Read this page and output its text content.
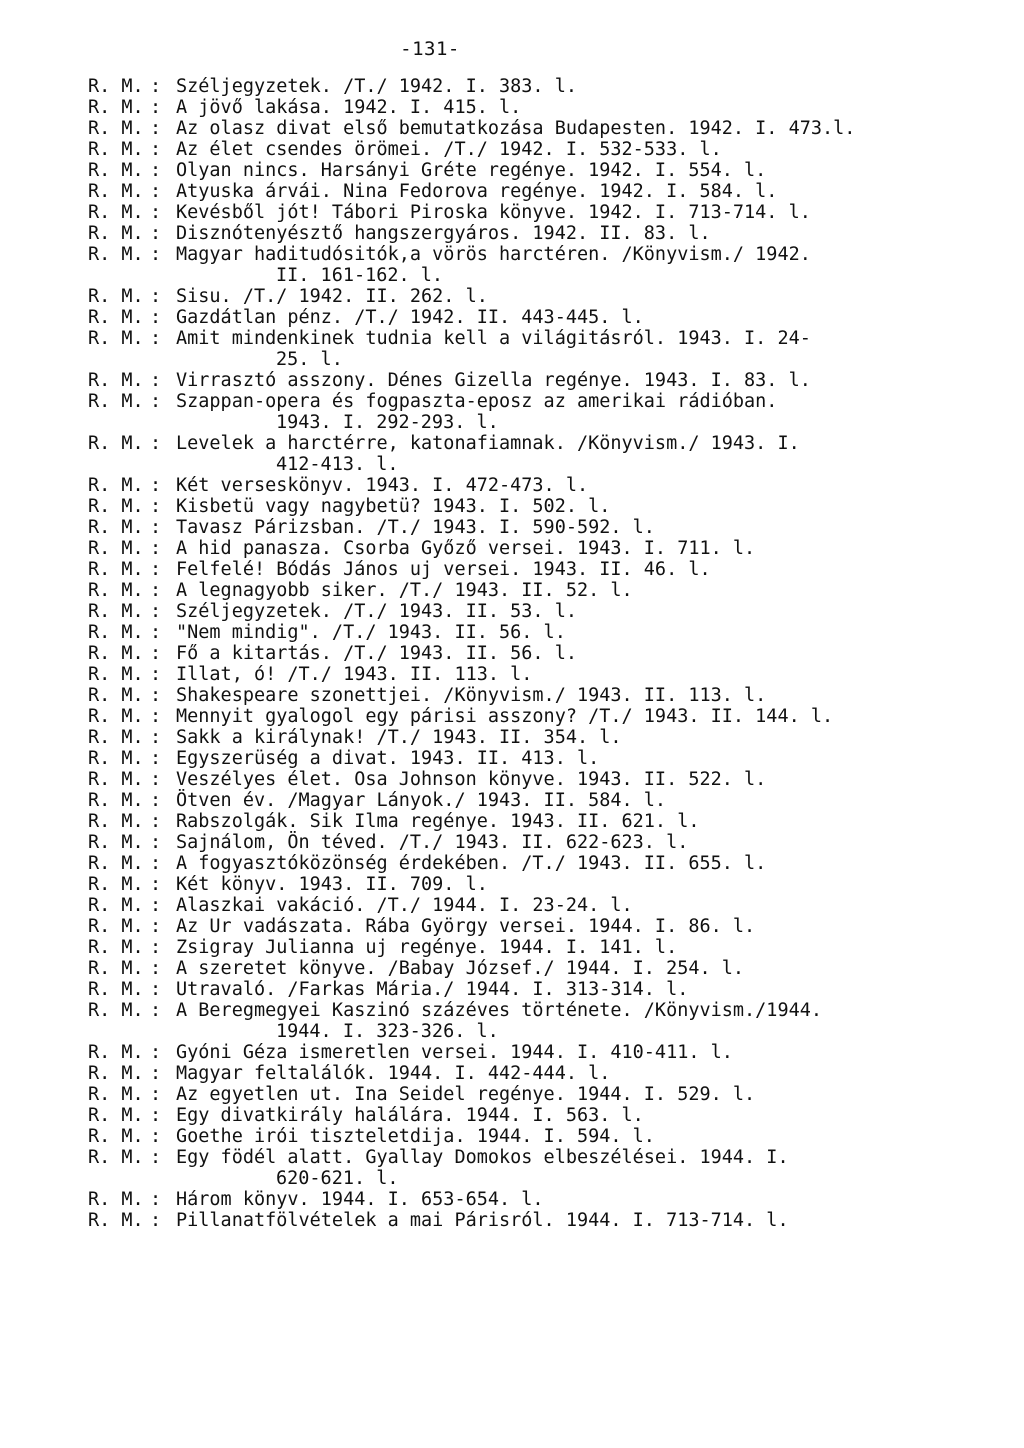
-131-
R. M. : Széljegyzetek. /T./ 1942. I. 383. l.
R. M. : A jövő lakása. 1942. I. 415. l.
R. M. : Az olasz divat első bemutatkozása Budapesten. 1942. I. 473.l.
R. M. : Az élet csendes örömei. /T./ 1942. I. 532-533. l.
R. M. : Olyan nincs. Harsányi Gréte regénye. 1942. I. 554. l.
R. M. : Atyuska árvái. Nina Fedorova regénye. 1942. I. 584. l.
R. M. : Kevésből jót! Tábori Piroska könyve. 1942. I. 713-714. l.
R. M. : Disznótenyésztő hangszergyáros. 1942. II. 83. l.
R. M. : Magyar haditudósitók,a vörös harctéren. /Könyvism./ 1942.
II. 161-162. l.
R. M. : Sisu. /T./ 1942. II. 262. l.
R. M. : Gazdátlan pénz. /T./ 1942. II. 443-445. l.
R. M. : Amit mindenkinek tudnia kell a világitásról. 1943. I. 24-
25. l.
R. M. : Virrasztó asszony. Dénes Gizella regénye. 1943. I. 83. l.
R. M. : Szappan-opera és fogpaszta-eposz az amerikai rádióban.
1943. I. 292-293. l.
R. M. : Levelek a harctérre, katonafiamnak. /Könyvism./ 1943. I.
412-413. l.
R. M. : Két verseskönyv. 1943. I. 472-473. l.
R. M. : Kisbetü vagy nagybetü? 1943. I. 502. l.
R. M. : Tavasz Párizsban. /T./ 1943. I. 590-592. l.
R. M. : A hid panasza. Csorba Győző versei. 1943. I. 711. l.
R. M. : Felfelé! Bódás János uj versei. 1943. II. 46. l.
R. M. : A legnagyobb siker. /T./ 1943. II. 52. l.
R. M. : Széljegyzetek. /T./ 1943. II. 53. l.
R. M. : "Nem mindig". /T./ 1943. II. 56. l.
R. M. : Fő a kitartás. /T./ 1943. II. 56. l.
R. M. : Illat, ó! /T./ 1943. II. 113. l.
R. M. : Shakespeare szonettjei. /Könyvism./ 1943. II. 113. l.
R. M. : Mennyit gyalogol egy párisi asszony? /T./ 1943. II. 144. l.
R. M. : Sakk a királynak! /T./ 1943. II. 354. l.
R. M. : Egyszerüség a divat. 1943. II. 413. l.
R. M. : Veszélyes élet. Osa Johnson könyve. 1943. II. 522. l.
R. M. : Ötven év. /Magyar Lányok./ 1943. II. 584. l.
R. M. : Rabszolgák. Sik Ilma regénye. 1943. II. 621. l.
R. M. : Sajnálom, Ön téved. /T./ 1943. II. 622-623. l.
R. M. : A fogyasztóközönség érdekében. /T./ 1943. II. 655. l.
R. M. : Két könyv. 1943. II. 709. l.
R. M. : Alaszkai vakáció. /T./ 1944. I. 23-24. l.
R. M. : Az Ur vadászata. Rába György versei. 1944. I. 86. l.
R. M. : Zsigray Julianna uj regénye. 1944. I. 141. l.
R. M. : A szeretet könyve. /Babay József./ 1944. I. 254. l.
R. M. : Utravaló. /Farkas Mária./ 1944. I. 313-314. l.
R. M. : A Beregmegyei Kaszinó százéves története. /Könyvism./1944.
1944. I. 323-326. l.
R. M. : Gyóni Géza ismeretlen versei. 1944. I. 410-411. l.
R. M. : Magyar feltalálók. 1944. I. 442-444. l.
R. M. : Az egyetlen ut. Ina Seidel regénye. 1944. I. 529. l.
R. M. : Egy divatkirály halálára. 1944. I. 563. l.
R. M. : Goethe irói tiszteletdija. 1944. I. 594. l.
R. M. : Egy födél alatt. Gyallay Domokos elbeszélései. 1944. I.
620-621. l.
R. M. : Három könyv. 1944. I. 653-654. l.
R. M. : Pillanatfölvételek a mai Párisról. 1944. I. 713-714. l.
